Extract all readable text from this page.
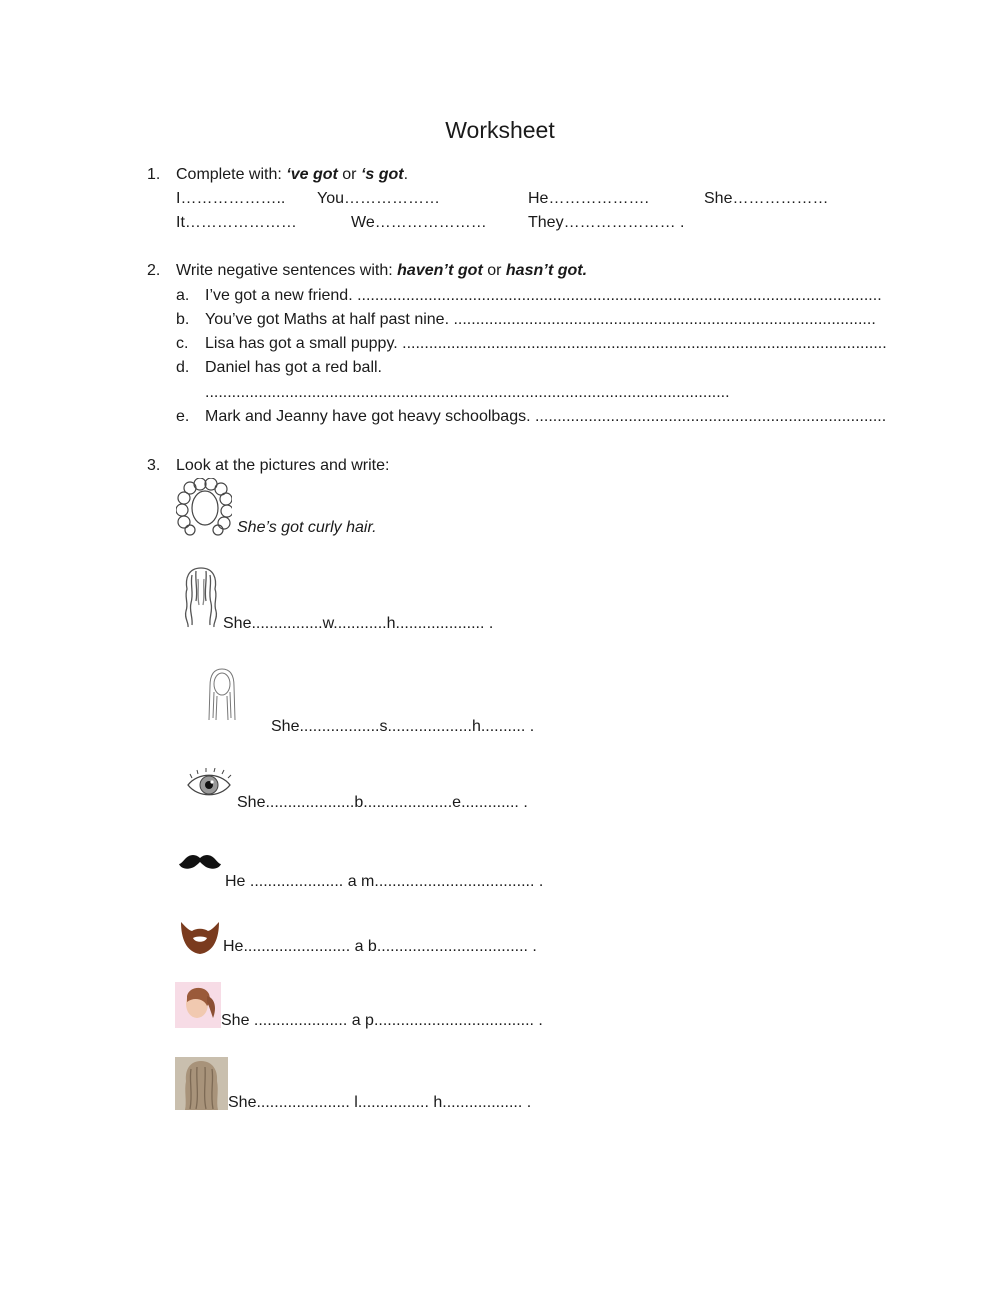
Worksheet
1. Complete with: ‘ve got or ‘s got.
I……………….. You………………	He……………….	She………………
It…………………	We…………………	They………………… .
2. Write negative sentences with: haven’t got or hasn’t got.
a. I’ve got a new friend. ......................................................................................................................
b. You’ve got Maths at half past nine. ...............................................................................................
c. Lisa has got a small puppy. .............................................................................................................
d. Daniel has got a red ball.
......................................................................................................................
e. Mark and Jeanny have got heavy schoolbags. ...............................................................................
3. Look at the pictures and write:
She’s got curly hair.
She................w............h.................... .
She..................s...................h.......... .
She....................b....................e............. .
He ..................... a m.................................... .
He........................ a b.................................. .
She ..................... a p.................................... .
She..................... l................ h.................. .
